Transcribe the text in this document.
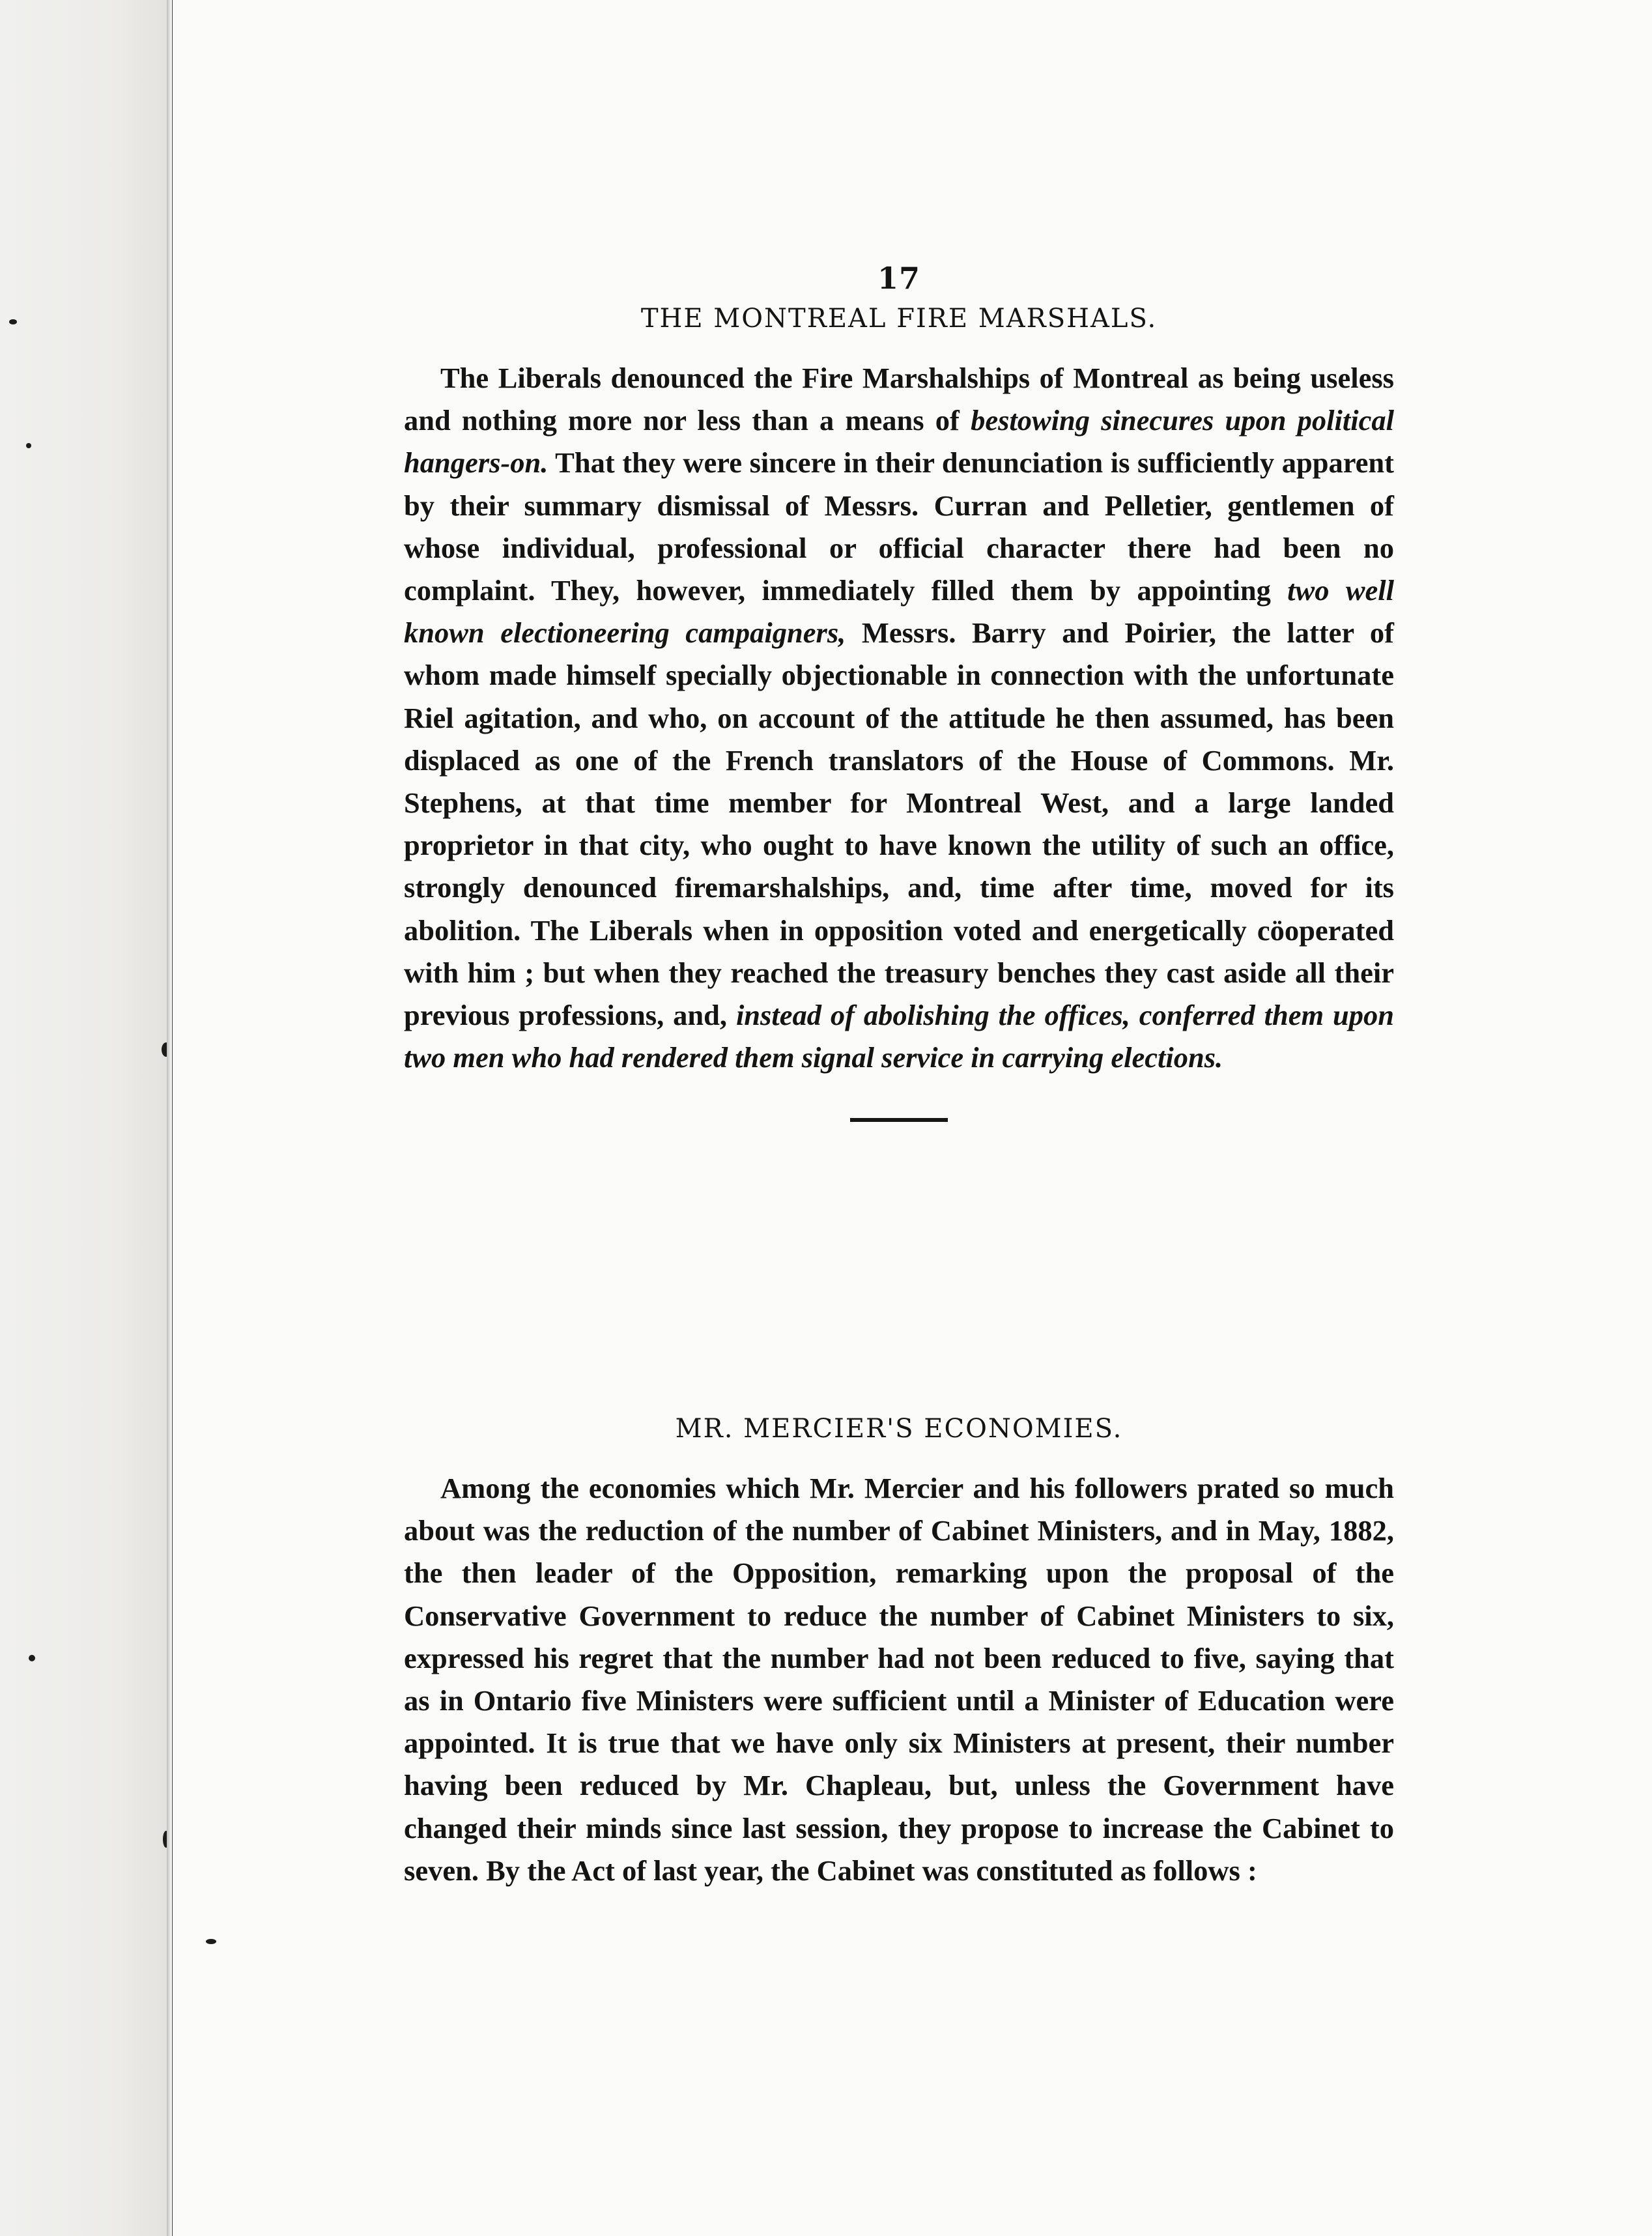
17
THE MONTREAL FIRE MARSHALS.

The Liberals denounced the Fire Marshalships of Montreal as being useless and nothing more nor less than a means of bestowing sinecures upon political hangers-on. That they were sincere in their denunciation is sufficiently apparent by their summary dismissal of Messrs. Curran and Pelletier, gentlemen of whose individual, professional or official character there had been no complaint. They, however, immediately filled them by appointing two well known electioneering campaigners, Messrs. Barry and Poirier, the latter of whom made himself specially objectionable in connection with the unfortunate Riel agitation, and who, on account of the attitude he then assumed, has been displaced as one of the French translators of the House of Commons. Mr. Stephens, at that time member for Montreal West, and a large landed proprietor in that city, who ought to have known the utility of such an office, strongly denounced firemarshalships, and, time after time, moved for its abolition. The Liberals when in opposition voted and energetically cöoperated with him ; but when they reached the treasury benches they cast aside all their previous professions, and, instead of abolishing the offices, conferred them upon two men who had rendered them signal service in carrying elections.

MR. MERCIER'S ECONOMIES.

Among the economies which Mr. Mercier and his followers prated so much about was the reduction of the number of Cabinet Ministers, and in May, 1882, the then leader of the Opposition, remarking upon the proposal of the Conservative Government to reduce the number of Cabinet Ministers to six, expressed his regret that the number had not been reduced to five, saying that as in Ontario five Ministers were sufficient until a Minister of Education were appointed. It is true that we have only six Ministers at present, their number having been reduced by Mr. Chapleau, but, unless the Government have changed their minds since last session, they propose to increase the Cabinet to seven. By the Act of last year, the Cabinet was constituted as follows :
